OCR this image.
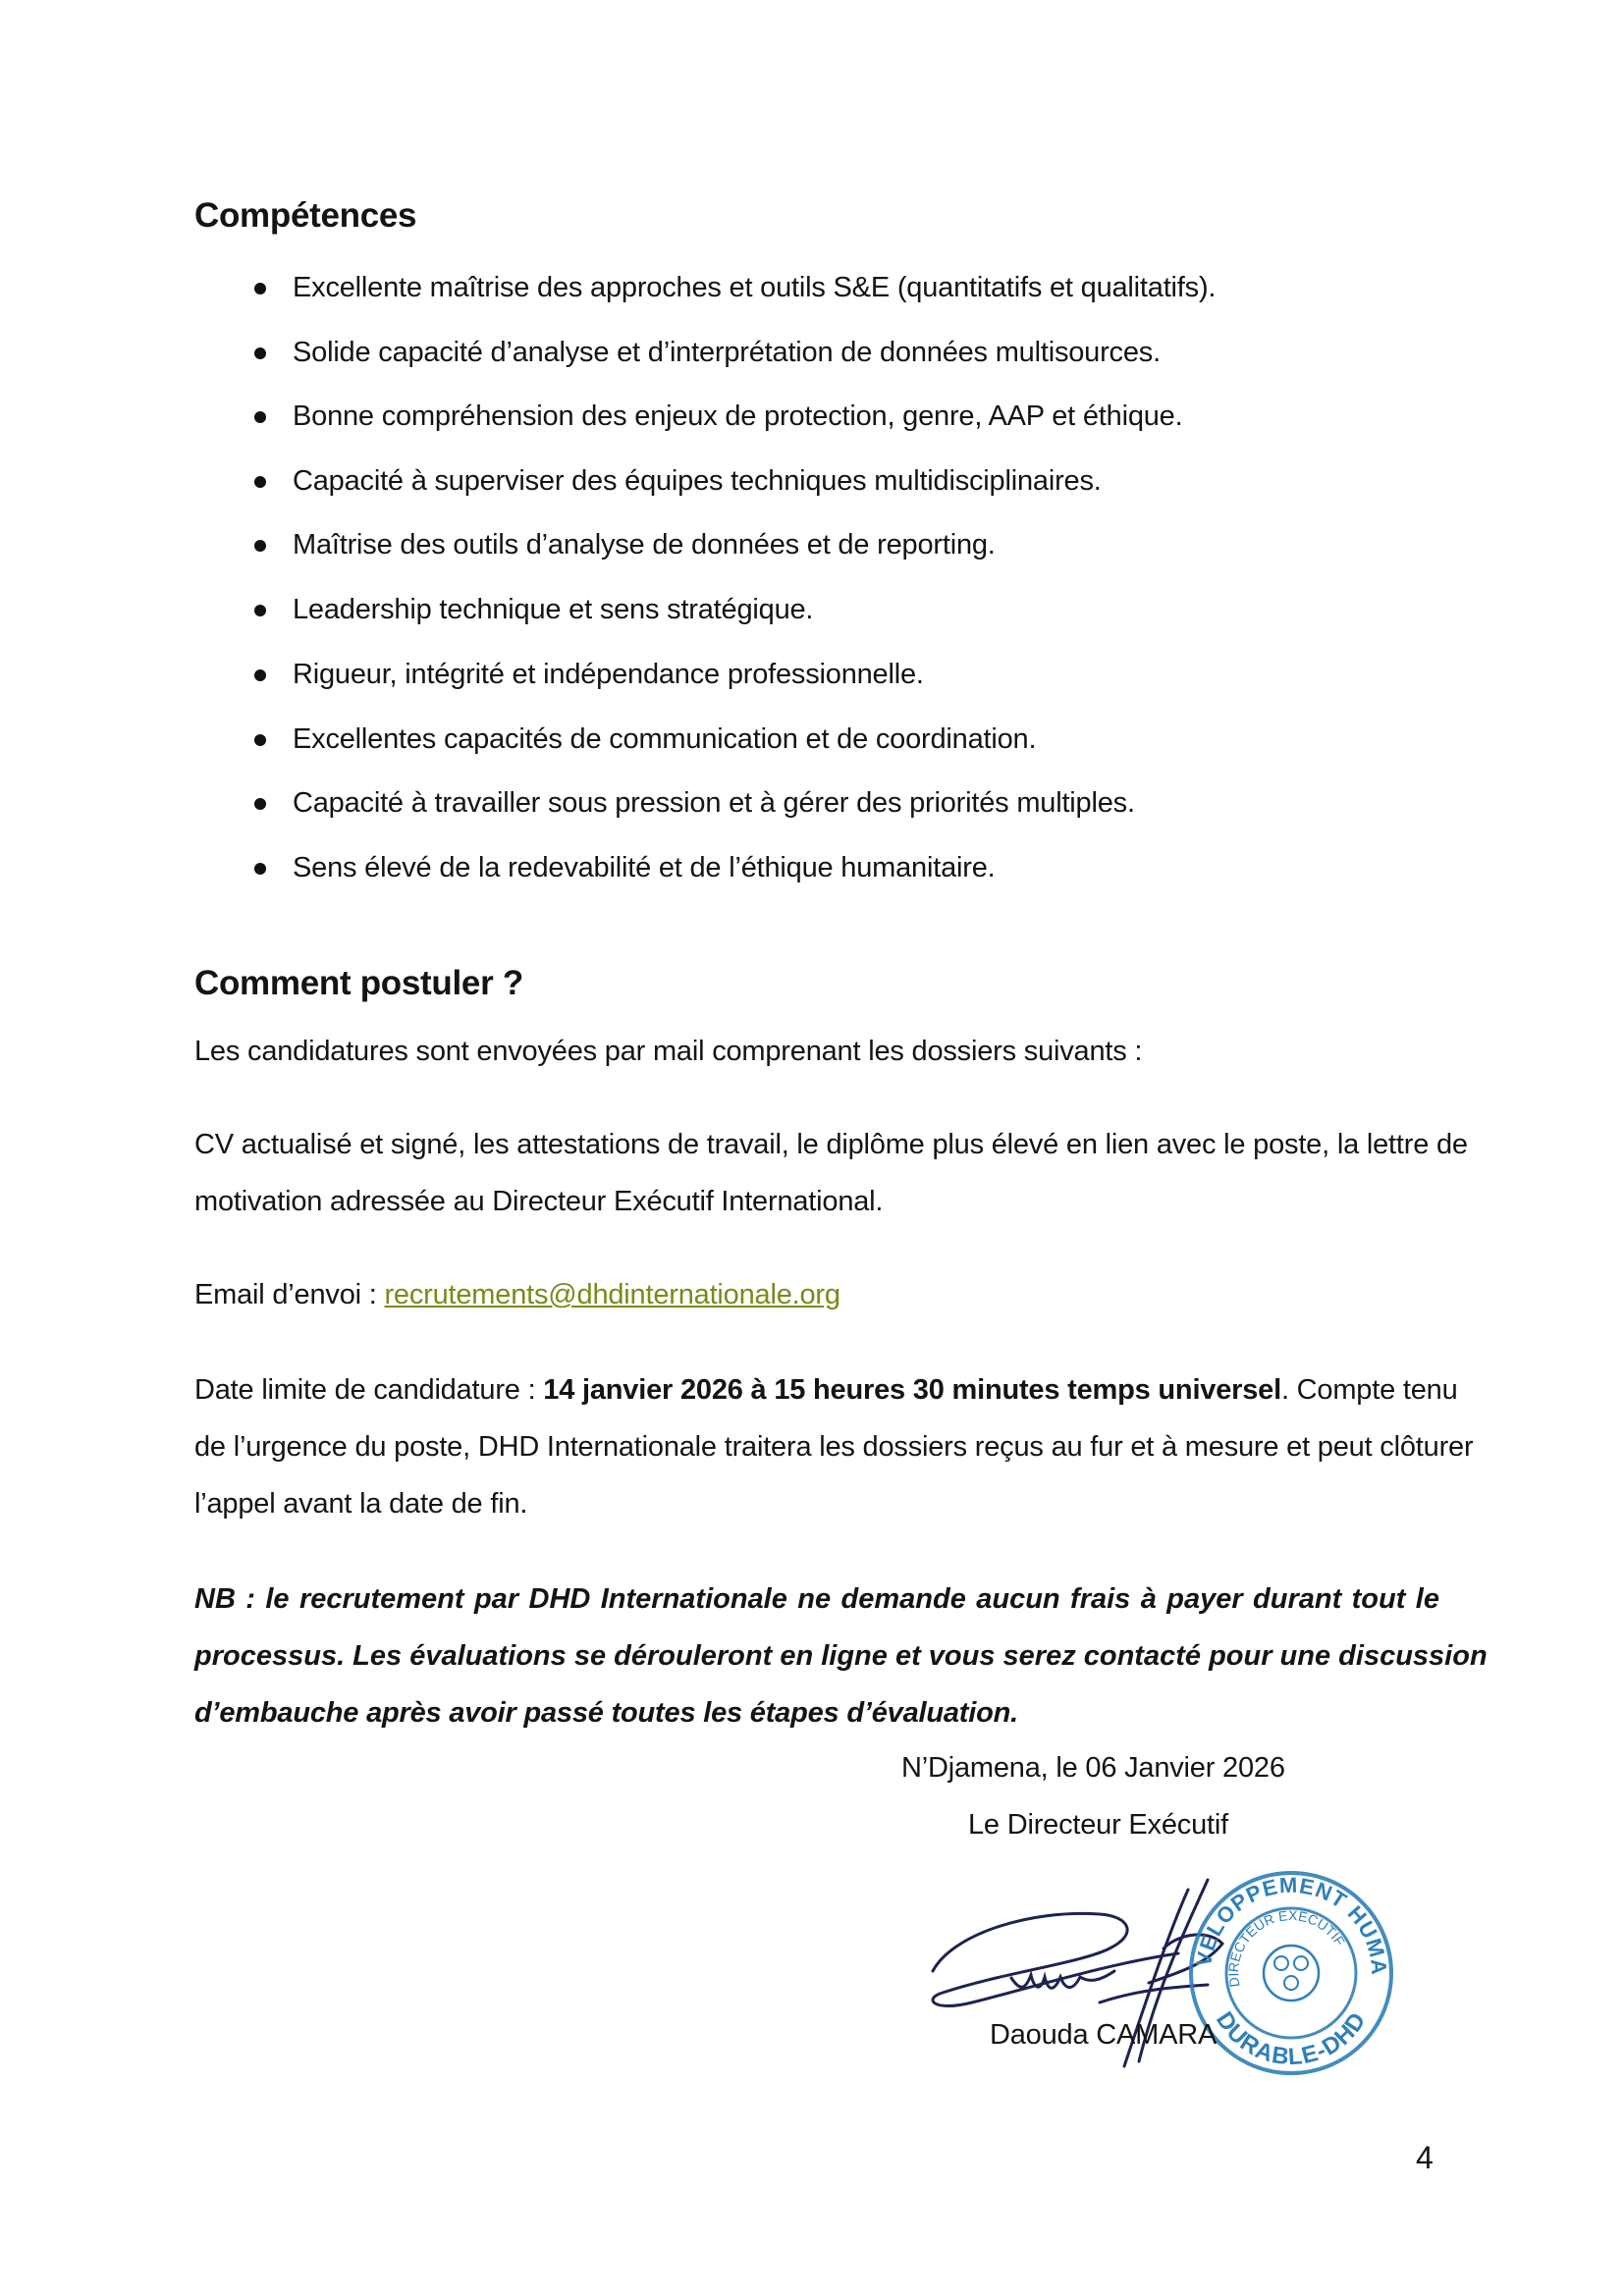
Compétences
Excellente maîtrise des approches et outils S&E (quantitatifs et qualitatifs).
Solide capacité d’analyse et d’interprétation de données multisources.
Bonne compréhension des enjeux de protection, genre, AAP et éthique.
Capacité à superviser des équipes techniques multidisciplinaires.
Maîtrise des outils d’analyse de données et de reporting.
Leadership technique et sens stratégique.
Rigueur, intégrité et indépendance professionnelle.
Excellentes capacités de communication et de coordination.
Capacité à travailler sous pression et à gérer des priorités multiples.
Sens élevé de la redevabilité et de l’éthique humanitaire.
Comment postuler ?
Les candidatures sont envoyées par mail comprenant les dossiers suivants :
CV actualisé et signé, les attestations de travail, le diplôme plus élevé en lien avec le poste, la lettre de
motivation adressée au Directeur Exécutif International.
Email d’envoi : recrutements@dhdinternationale.org
Date limite de candidature : 14 janvier 2026 à 15 heures 30 minutes temps universel. Compte tenu
de l’urgence du poste, DHD Internationale traitera les dossiers reçus au fur et à mesure et peut clôturer
l’appel avant la date de fin.
NB : le recrutement par DHD Internationale ne demande aucun frais à payer durant tout le
processus. Les évaluations se dérouleront en ligne et vous serez contacté pour une discussion
d’embauche après avoir passé toutes les étapes d’évaluation.
N’Djamena, le 06 Janvier 2026
Le Directeur Exécutif
VELOPPEMENT HUMA
DURABLE-DHD
DIRECTEUR EXÉCUTIF
Daouda CAMARA
4
